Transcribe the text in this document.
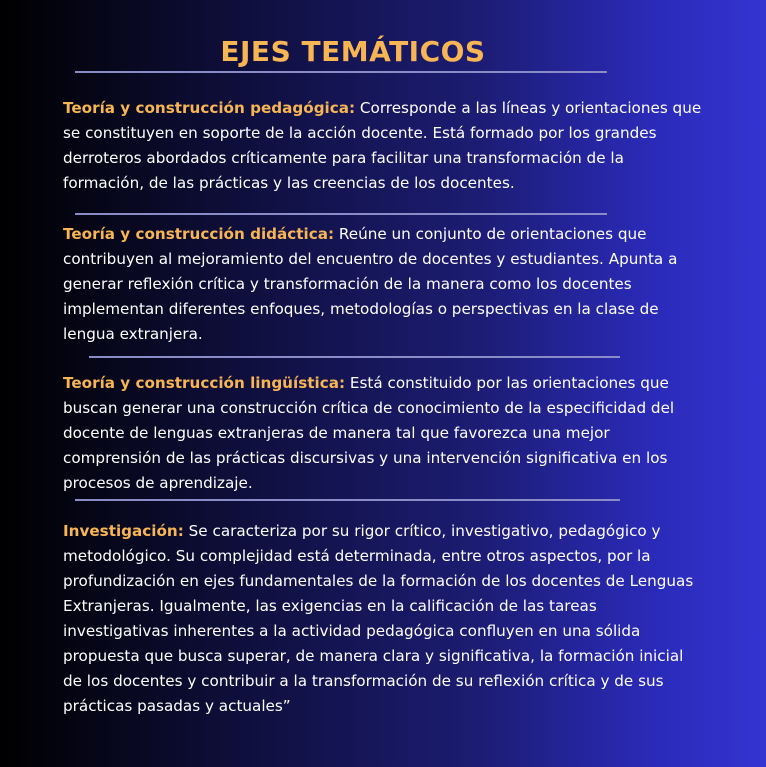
EJES TEMÁTICOS
Teoría y construcción pedagógica: Corresponde a las líneas y orientaciones que se constituyen en soporte de la acción docente. Está formado por los grandes derroteros abordados críticamente para facilitar una transformación de la formación, de las prácticas y las creencias de los docentes.
Teoría y construcción didáctica: Reúne un conjunto de orientaciones que contribuyen al mejoramiento del encuentro de docentes y estudiantes. Apunta a generar reflexión crítica y transformación de la manera como los docentes implementan diferentes enfoques, metodologías o perspectivas en la clase de lengua extranjera.
Teoría y construcción lingüística: Está constituido por las orientaciones que buscan generar una construcción crítica de conocimiento de la especificidad del docente de lenguas extranjeras de manera tal que favorezca una mejor comprensión de las prácticas discursivas y una intervención significativa en los procesos de aprendizaje.
Investigación: Se caracteriza por su rigor crítico, investigativo, pedagógico y metodológico. Su complejidad está determinada, entre otros aspectos, por la profundización en ejes fundamentales de la formación de los docentes de Lenguas Extranjeras. Igualmente, las exigencias en la calificación de las tareas investigativas inherentes a la actividad pedagógica confluyen en una sólida propuesta que busca superar, de manera clara y significativa, la formación inicial de los docentes y contribuir a la transformación de su reflexión crítica y de sus prácticas pasadas y actuales”
